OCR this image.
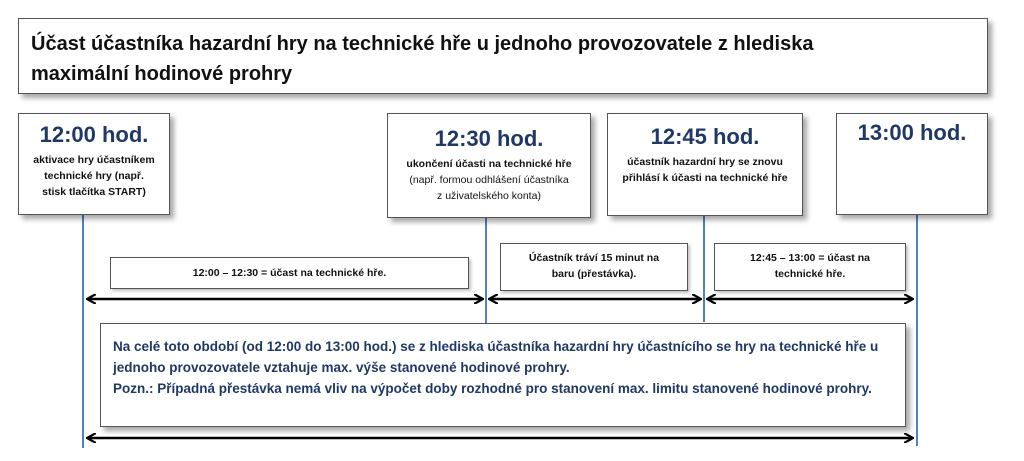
Účast účastníka hazardní hry na technické hře u jednoho provozovatele z hlediska
maximální hodinové prohry
12:00 hod.
aktivace hry účastníkem
technické hry (např.
stisk tlačítka START)
12:30 hod.
ukončení účasti na technické hře
(např. formou odhlášení účastníka
z uživatelského konta)
12:45 hod.
účastník hazardní hry se znovu
přihlásí k účasti na technické hře
13:00 hod.
12:00 – 12:30 = účast na technické hře.
Účastník tráví 15 minut na
baru (přestávka).
12:45 – 13:00 = účast na
technické hře.
Na celé toto období (od 12:00 do 13:00 hod.) se z hlediska účastníka hazardní hry účastnícího se hry na technické hře u
jednoho provozovatele vztahuje max. výše stanovené hodinové prohry.
Pozn.: Případná přestávka nemá vliv na výpočet doby rozhodné pro stanovení max. limitu stanovené hodinové prohry.
